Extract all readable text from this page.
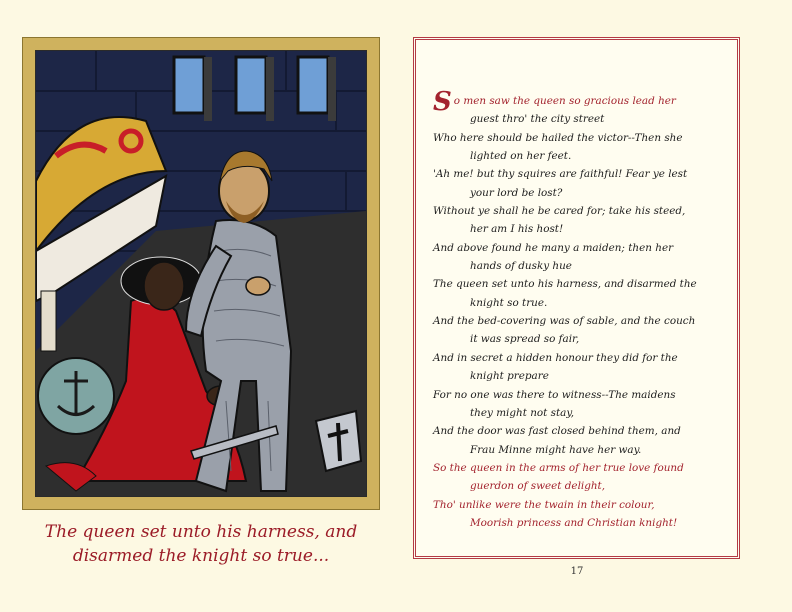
The queen set unto his harness, and
disarmed the knight so true...
So men saw the queen so gracious lead her
guest thro' the city street
Who here should be hailed the victor--Then she
lighted on her feet.
'Ah me! but thy squires are faithful! Fear ye lest
your lord be lost?
Without ye shall he be cared for; take his steed,
her am I his host!
And above found he many a maiden; then her
hands of dusky hue
The queen set unto his harness, and disarmed the
knight so true.
And the bed-covering was of sable, and the couch
it was spread so fair,
And in secret a hidden honour they did for the
knight prepare
For no one was there to witness--The maidens
they might not stay,
And the door was fast closed behind them, and
Frau Minne might have her way.
So the queen in the arms of her true love found
guerdon of sweet delight,
Tho' unlike were the twain in their colour,
Moorish princess and Christian knight!
17
